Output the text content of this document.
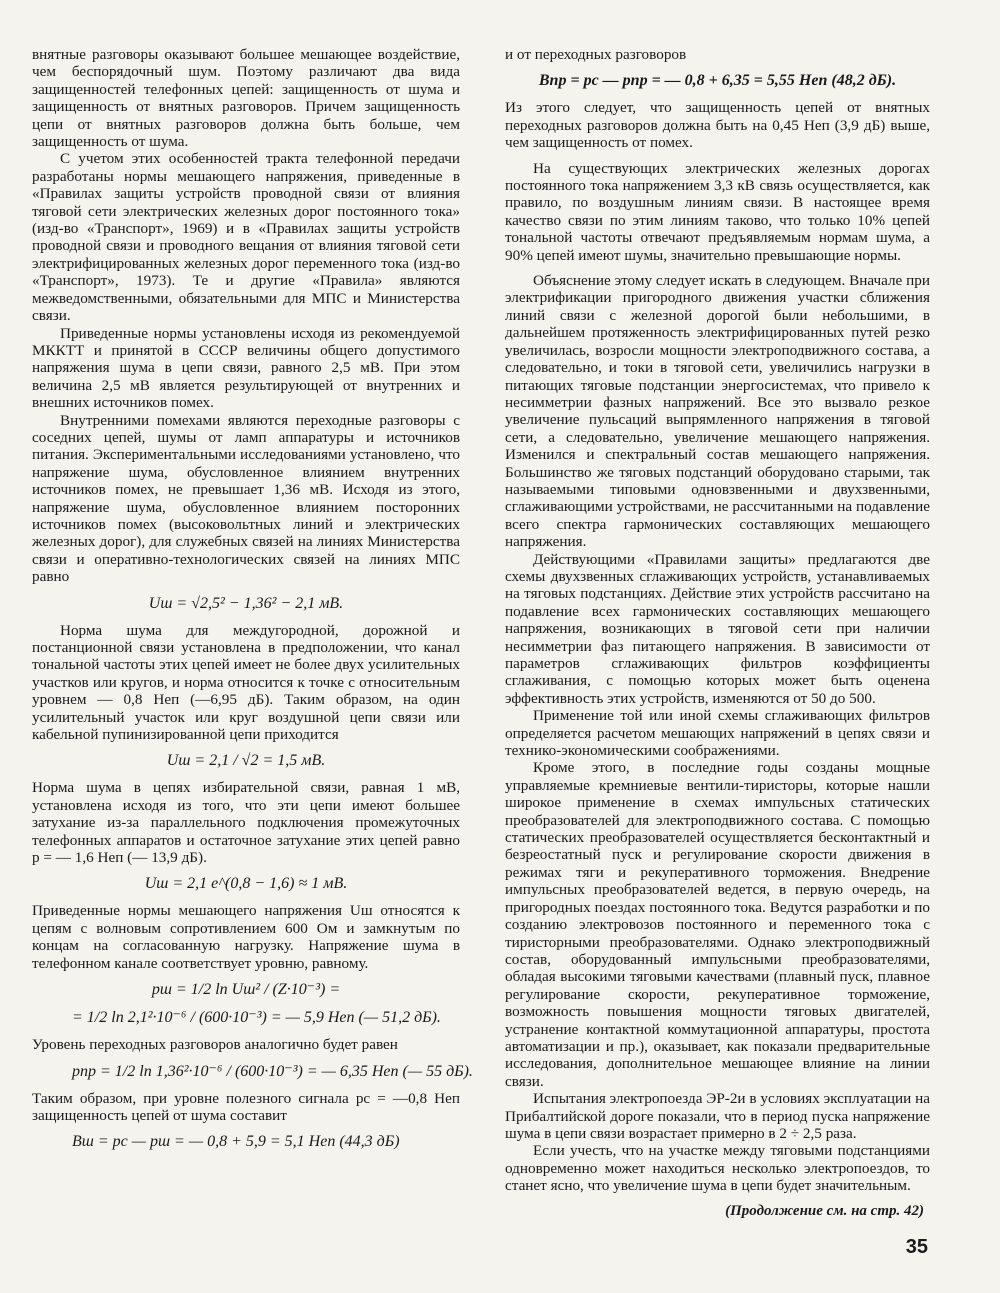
внятные разговоры оказывают большее мешающее воздействие, чем беспорядочный шум. Поэтому различают два вида защищенностей телефонных цепей: защищенность от шума и защищенность от внятных разговоров. Причем защищенность цепи от внятных разговоров должна быть больше, чем защищенность от шума.

С учетом этих особенностей тракта телефонной передачи разработаны нормы мешающего напряжения, приведенные в «Правилах защиты устройств проводной связи от влияния тяговой сети электрических железных дорог постоянного тока» (изд-во «Транспорт», 1969) и в «Правилах защиты устройств проводной связи и проводного вещания от влияния тяговой сети электрифицированных железных дорог переменного тока (изд-во «Транспорт», 1973). Те и другие «Правила» являются межведомственными, обязательными для МПС и Министерства связи.

Приведенные нормы установлены исходя из рекомендуемой МККТТ и принятой в СССР величины общего допустимого напряжения шума в цепи связи, равного 2,5 мВ. При этом величина 2,5 мВ является результирующей от внутренних и внешних источников помех.

Внутренними помехами являются переходные разговоры с соседних цепей, шумы от ламп аппаратуры и источников питания. Экспериментальными исследованиями установлено, что напряжение шума, обусловленное влиянием внутренних источников помех, не превышает 1,36 мВ. Исходя из этого, напряжение шума, обусловленное влиянием посторонних источников помех (высоковольтных линий и электрических железных дорог), для служебных связей на линиях Министерства связи и оперативно-технологических связей на линиях МПС равно

Uш = √2,5² − 1,36² − 2,1 мВ.

Норма шума для междугородной, дорожной и постанционной связи установлена в предположении, что канал тональной частоты этих цепей имеет не более двух усилительных участков или кругов, и норма относится к точке с относительным уровнем — 0,8 Неп (—6,95 дБ). Таким образом, на один усилительный участок или круг воздушной цепи связи или кабельной пупинизированной цепи приходится

Uш = 2,1 / √2 = 1,5 мВ.

Норма шума в цепях избирательной связи, равная 1 мВ, установлена исходя из того, что эти цепи имеют большее затухание из-за параллельного подключения промежуточных телефонных аппаратов и остаточное затухание этих цепей равно p = — 1,6 Неп (— 13,9 дБ).

Uш = 2,1 e^(0,8 − 1,6) ≈ 1 мВ.

Приведенные нормы мешающего напряжения Uш относятся к цепям с волновым сопротивлением 600 Ом и замкнутым по концам на согласованную нагрузку. Напряжение шума в телефонном канале соответствует уровню, равному.

pш = 1/2 ln Uш² / (Z·10⁻³) =
= 1/2 ln 2,1²·10⁻⁶ / (600·10⁻³) = — 5,9 Неп (— 51,2 дБ).

Уровень переходных разговоров аналогично будет равен

pпр = 1/2 ln 1,36²·10⁻⁶ / (600·10⁻³) = — 6,35 Неп (— 55 дБ).

Таким образом, при уровне полезного сигнала pс = —0,8 Неп защищенность цепей от шума составит

Bш = pс — pш = — 0,8 + 5,9 = 5,1 Неп (44,3 дБ)

и от переходных разговоров

Bпр = pс — pпр = — 0,8 + 6,35 = 5,55 Неп (48,2 дБ).

Из этого следует, что защищенность цепей от внятных переходных разговоров должна быть на 0,45 Неп (3,9 дБ) выше, чем защищенность от помех.

На существующих электрических железных дорогах постоянного тока напряжением 3,3 кВ связь осуществляется, как правило, по воздушным линиям связи. В настоящее время качество связи по этим линиям таково, что только 10% цепей тональной частоты отвечают предъявляемым нормам шума, а 90% цепей имеют шумы, значительно превышающие нормы.

Объяснение этому следует искать в следующем. Вначале при электрификации пригородного движения участки сближения линий связи с железной дорогой были небольшими, в дальнейшем протяженность электрифицированных путей резко увеличилась, возросли мощности электроподвижного состава, а следовательно, и токи в тяговой сети, увеличились нагрузки в питающих тяговые подстанции энергосистемах, что привело к несимметрии фазных напряжений. Все это вызвало резкое увеличение пульсаций выпрямленного напряжения в тяговой сети, а следовательно, увеличение мешающего напряжения. Изменился и спектральный состав мешающего напряжения. Большинство же тяговых подстанций оборудовано старыми, так называемыми типовыми одновзвенными и двухзвенными, сглаживающими устройствами, не рассчитанными на подавление всего спектра гармонических составляющих мешающего напряжения.

Действующими «Правилами защиты» предлагаются две схемы двухзвенных сглаживающих устройств, устанавливаемых на тяговых подстанциях. Действие этих устройств рассчитано на подавление всех гармонических составляющих мешающего напряжения, возникающих в тяговой сети при наличии несимметрии фаз питающего напряжения. В зависимости от параметров сглаживающих фильтров коэффициенты сглаживания, с помощью которых может быть оценена эффективность этих устройств, изменяются от 50 до 500.

Применение той или иной схемы сглаживающих фильтров определяется расчетом мешающих напряжений в цепях связи и технико-экономическими соображениями.

Кроме этого, в последние годы созданы мощные управляемые кремниевые вентили-тиристоры, которые нашли широкое применение в схемах импульсных статических преобразователей для электроподвижного состава. С помощью статических преобразователей осуществляется бесконтактный и безреостатный пуск и регулирование скорости движения в режимах тяги и рекуперативного торможения. Внедрение импульсных преобразователей ведется, в первую очередь, на пригородных поездах постоянного тока. Ведутся разработки и по созданию электровозов постоянного и переменного тока с тиристорными преобразователями. Однако электроподвижный состав, оборудованный импульсными преобразователями, обладая высокими тяговыми качествами (плавный пуск, плавное регулирование скорости, рекуперативное торможение, возможность повышения мощности тяговых двигателей, устранение контактной коммутационной аппаратуры, простота автоматизации и пр.), оказывает, как показали предварительные исследования, дополнительное мешающее влияние на линии связи.

Испытания электропоезда ЭР-2и в условиях эксплуатации на Прибалтийской дороге показали, что в период пуска напряжение шума в цепи связи возрастает примерно в 2 ÷ 2,5 раза.

Если учесть, что на участке между тяговыми подстанциями одновременно может находиться несколько электропоездов, то станет ясно, что увеличение шума в цепи будет значительным.

(Продолжение см. на стр. 42)
35
